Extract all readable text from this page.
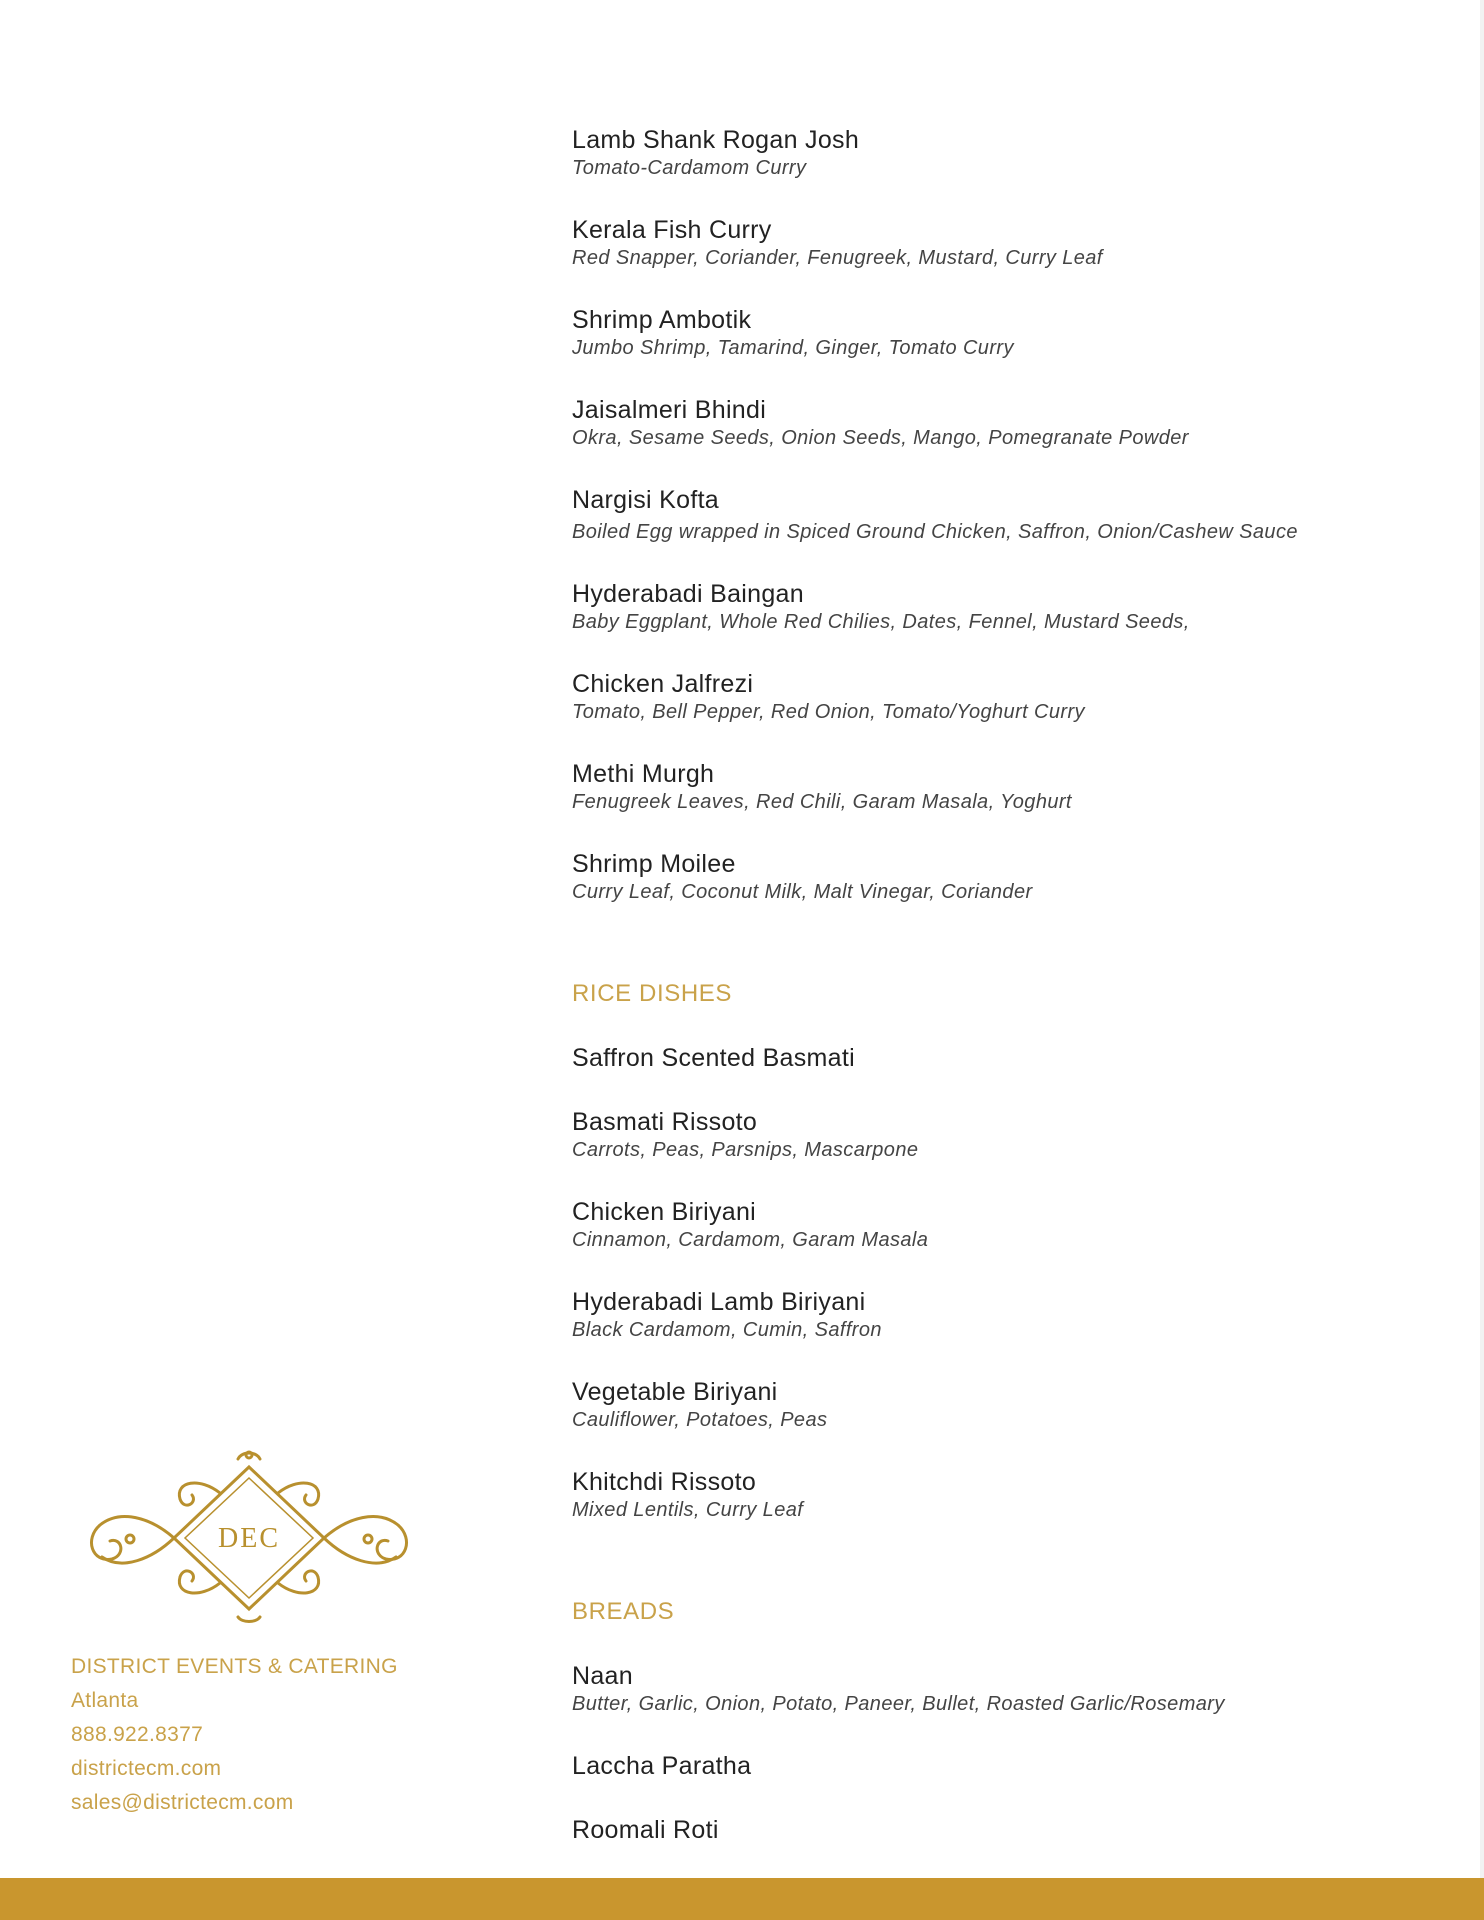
Lamb Shank Rogan Josh
Tomato-Cardamom Curry
Kerala Fish Curry
Red Snapper, Coriander, Fenugreek, Mustard, Curry Leaf
Shrimp Ambotik
Jumbo Shrimp, Tamarind, Ginger, Tomato Curry
Jaisalmeri Bhindi
Okra, Sesame Seeds, Onion Seeds, Mango, Pomegranate Powder
Nargisi Kofta
Boiled Egg wrapped in Spiced Ground Chicken, Saffron, Onion/Cashew Sauce
Hyderabadi Baingan
Baby Eggplant, Whole Red Chilies, Dates, Fennel, Mustard Seeds,
Chicken Jalfrezi
Tomato, Bell Pepper, Red Onion, Tomato/Yoghurt Curry
Methi Murgh
Fenugreek Leaves, Red Chili, Garam Masala, Yoghurt
Shrimp Moilee
Curry Leaf, Coconut Milk, Malt Vinegar, Coriander
RICE DISHES
Saffron Scented Basmati
Basmati Rissoto
Carrots, Peas, Parsnips, Mascarpone
Chicken Biriyani
Cinnamon, Cardamom, Garam Masala
Hyderabadi Lamb Biriyani
Black Cardamom, Cumin, Saffron
Vegetable Biriyani
Cauliflower, Potatoes, Peas
Khitchdi Rissoto
Mixed Lentils, Curry Leaf
BREADS
Naan
Butter, Garlic, Onion, Potato, Paneer, Bullet, Roasted Garlic/Rosemary
Laccha Paratha
Roomali Roti
DEC
DISTRICT EVENTS & CATERING
Atlanta
888.922.8377
districtecm.com
sales@districtecm.com
